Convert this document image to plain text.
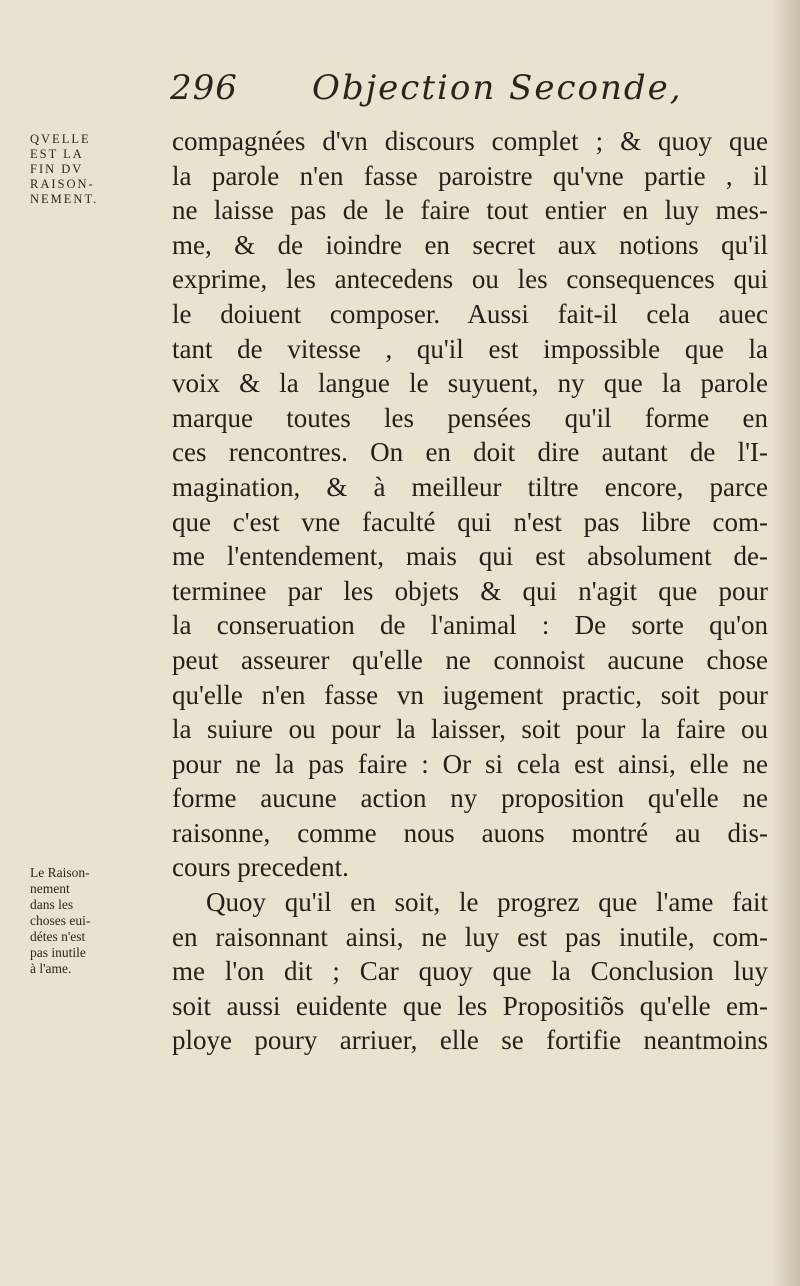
296 Objection Seconde,
QVELLE
EST LA
FIN DV
RAISON-
NEMENT.
Le Raison-
nement
dans les
choses eui-
détes n'est
pas inutile
à l'ame.
compagnées d'vn discours complet ; & quoy que
la parole n'en fasse paroistre qu'vne partie , il
ne laisse pas de le faire tout entier en luy mes-
me, & de ioindre en secret aux notions qu'il
exprime, les antecedens ou les consequences qui
le doiuent composer. Aussi fait-il cela auec
tant de vitesse , qu'il est impossible que la
voix & la langue le suyuent, ny que la parole
marque toutes les pensées qu'il forme en
ces rencontres. On en doit dire autant de l'I-
magination, & à meilleur tiltre encore, parce
que c'est vne faculté qui n'est pas libre com-
me l'entendement, mais qui est absolument de-
terminee par les objets & qui n'agit que pour
la conseruation de l'animal : De sorte qu'on
peut asseurer qu'elle ne connoist aucune chose
qu'elle n'en fasse vn iugement practic, soit pour
la suiure ou pour la laisser, soit pour la faire ou
pour ne la pas faire : Or si cela est ainsi, elle ne
forme aucune action ny proposition qu'elle ne
raisonne, comme nous auons montré au dis-
cours precedent.
Quoy qu'il en soit, le progrez que l'ame fait
en raisonnant ainsi, ne luy est pas inutile, com-
me l'on dit ; Car quoy que la Conclusion luy
soit aussi euidente que les Propositiõs qu'elle em-
ploye poury arriuer, elle se fortifie neantmoins
